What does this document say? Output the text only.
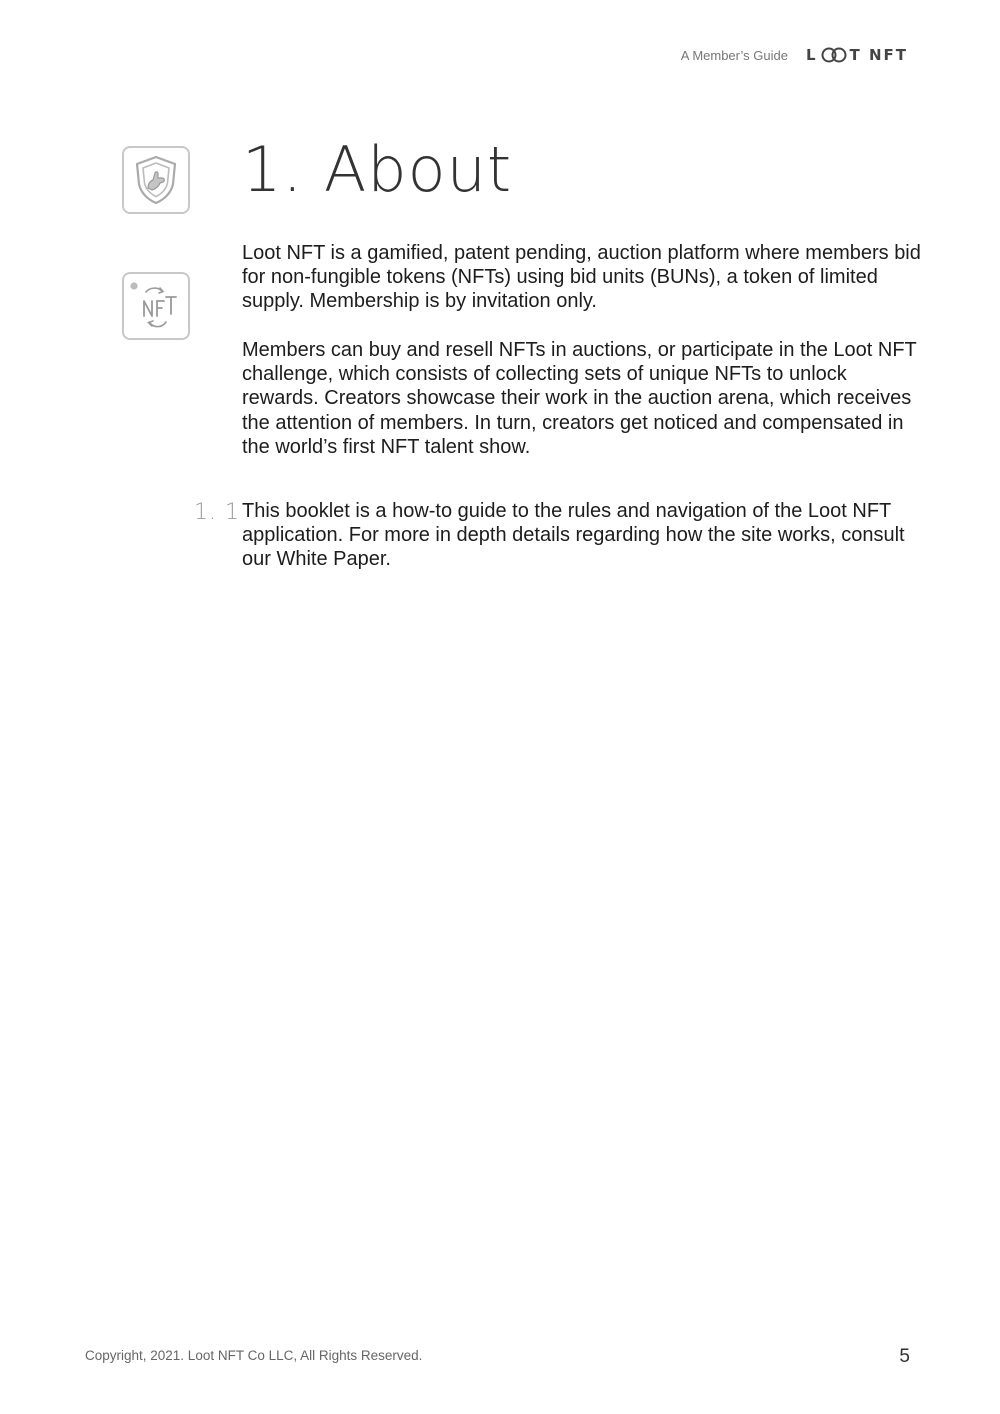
A Member’s Guide L T NFT
1. About

Loot NFT is a gamified, patent pending, auction platform where members bid for non-fungible tokens (NFTs) using bid units (BUNs), a token of limited supply. Membership is by invitation only.

Members can buy and resell NFTs in auctions, or participate in the Loot NFT challenge, which consists of collecting sets of unique NFTs to unlock rewards. Creators showcase their work in the auction arena, which receives the attention of members. In turn, creators get noticed and compensated in the world’s first NFT talent show.

1. 1 This booklet is a how-to guide to the rules and navigation of the Loot NFT application. For more in depth details regarding how the site works, consult our White Paper.

Copyright, 2021. Loot NFT Co LLC, All Rights Reserved.	5
